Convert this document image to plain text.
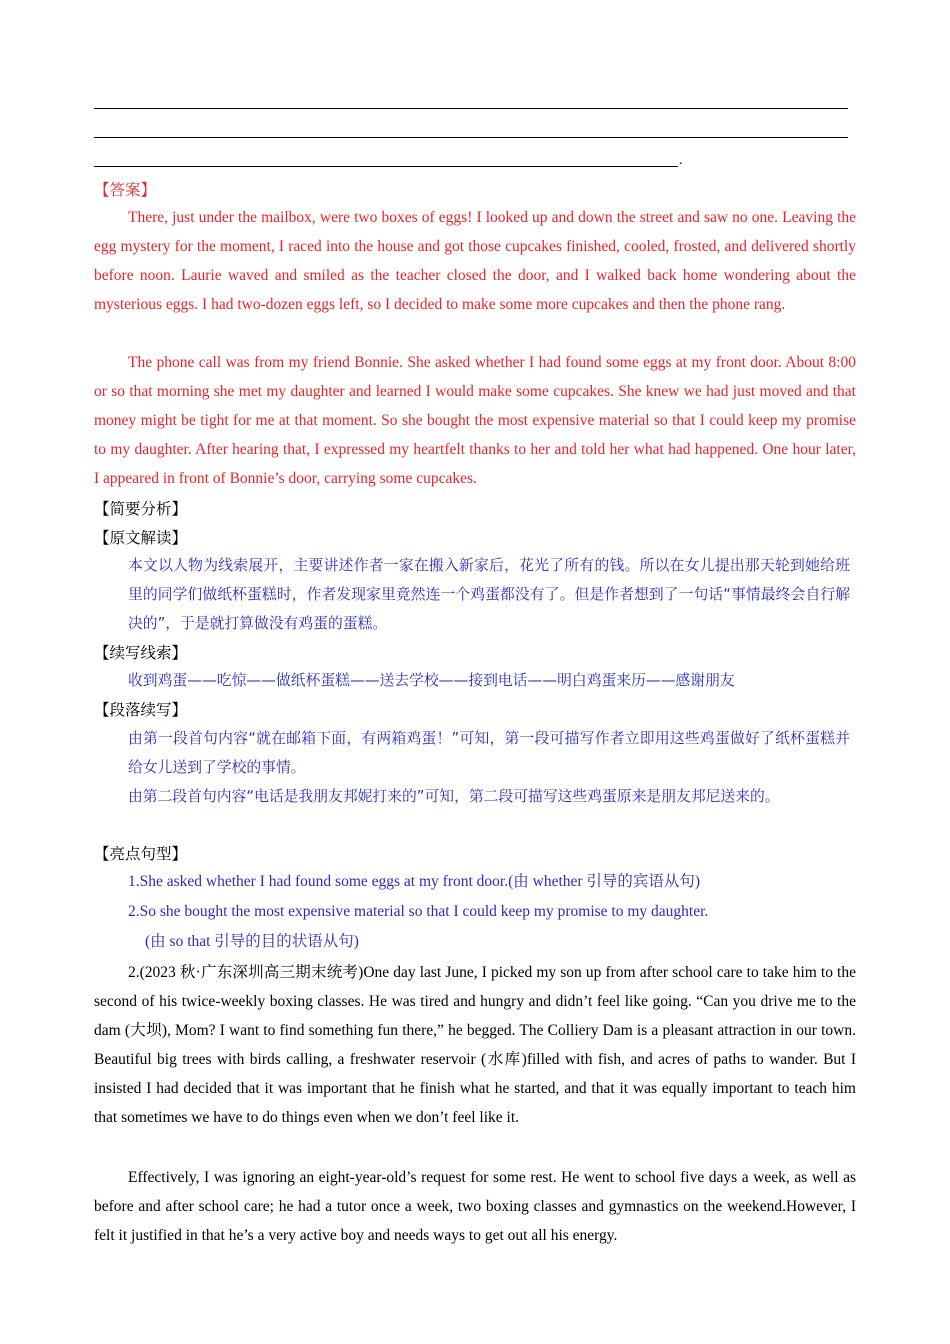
.
【答案】

There, just under the mailbox, were two boxes of eggs! I looked up and down the street and saw no one. Leaving the egg mystery for the moment, I raced into the house and got those cupcakes finished, cooled, frosted, and delivered shortly before noon. Laurie waved and smiled as the teacher closed the door, and I walked back home wondering about the mysterious eggs. I had two-dozen eggs left, so I decided to make some more cupcakes and then the phone rang.

The phone call was from my friend Bonnie. She asked whether I had found some eggs at my front door. About 8:00 or so that morning she met my daughter and learned I would make some cupcakes. She knew we had just moved and that money might be tight for me at that moment. So she bought the most expensive material so that I could keep my promise to my daughter. After hearing that, I expressed my heartfelt thanks to her and told her what had happened. One hour later, I appeared in front of Bonnie’s door, carrying some cupcakes.

【简要分析】
【原文解读】

本文以人物为线索展开，主要讲述作者一家在搬入新家后，花光了所有的钱。所以在女儿提出那天轮到她给班里的同学们做纸杯蛋糕时，作者发现家里竟然连一个鸡蛋都没有了。但是作者想到了一句话“事情最终会自行解决的”，于是就打算做没有鸡蛋的蛋糕。

【续写线索】

收到鸡蛋——吃惊——做纸杯蛋糕——送去学校——接到电话——明白鸡蛋来历——感谢朋友

【段落续写】

由第一段首句内容“就在邮箱下面，有两箱鸡蛋！”可知，第一段可描写作者立即用这些鸡蛋做好了纸杯蛋糕并给女儿送到了学校的事情。

由第二段首句内容“电话是我朋友邦妮打来的”可知，第二段可描写这些鸡蛋原来是朋友邦尼送来的。

【亮点句型】

1.She asked whether I had found some eggs at my front door.(由 whether 引导的宾语从句)

2.So she bought the most expensive material so that I could keep my promise to my daughter.

(由 so that 引导的目的状语从句)

2.(2023 秋·广东深圳高三期末统考)One day last June, I picked my son up from after school care to take him to the second of his twice-weekly boxing classes. He was tired and hungry and didn’t feel like going. “Can you drive me to the dam (大坝), Mom? I want to find something fun there,” he begged. The Colliery Dam is a pleasant attraction in our town. Beautiful big trees with birds calling, a freshwater reservoir (水库)filled with fish, and acres of paths to wander. But I insisted I had decided that it was important that he finish what he started, and that it was equally important to teach him that sometimes we have to do things even when we don’t feel like it.

Effectively, I was ignoring an eight-year-old’s request for some rest. He went to school five days a week, as well as before and after school care; he had a tutor once a week, two boxing classes and gymnastics on the weekend.However, I felt it justified in that he’s a very active boy and needs ways to get out all his energy.
